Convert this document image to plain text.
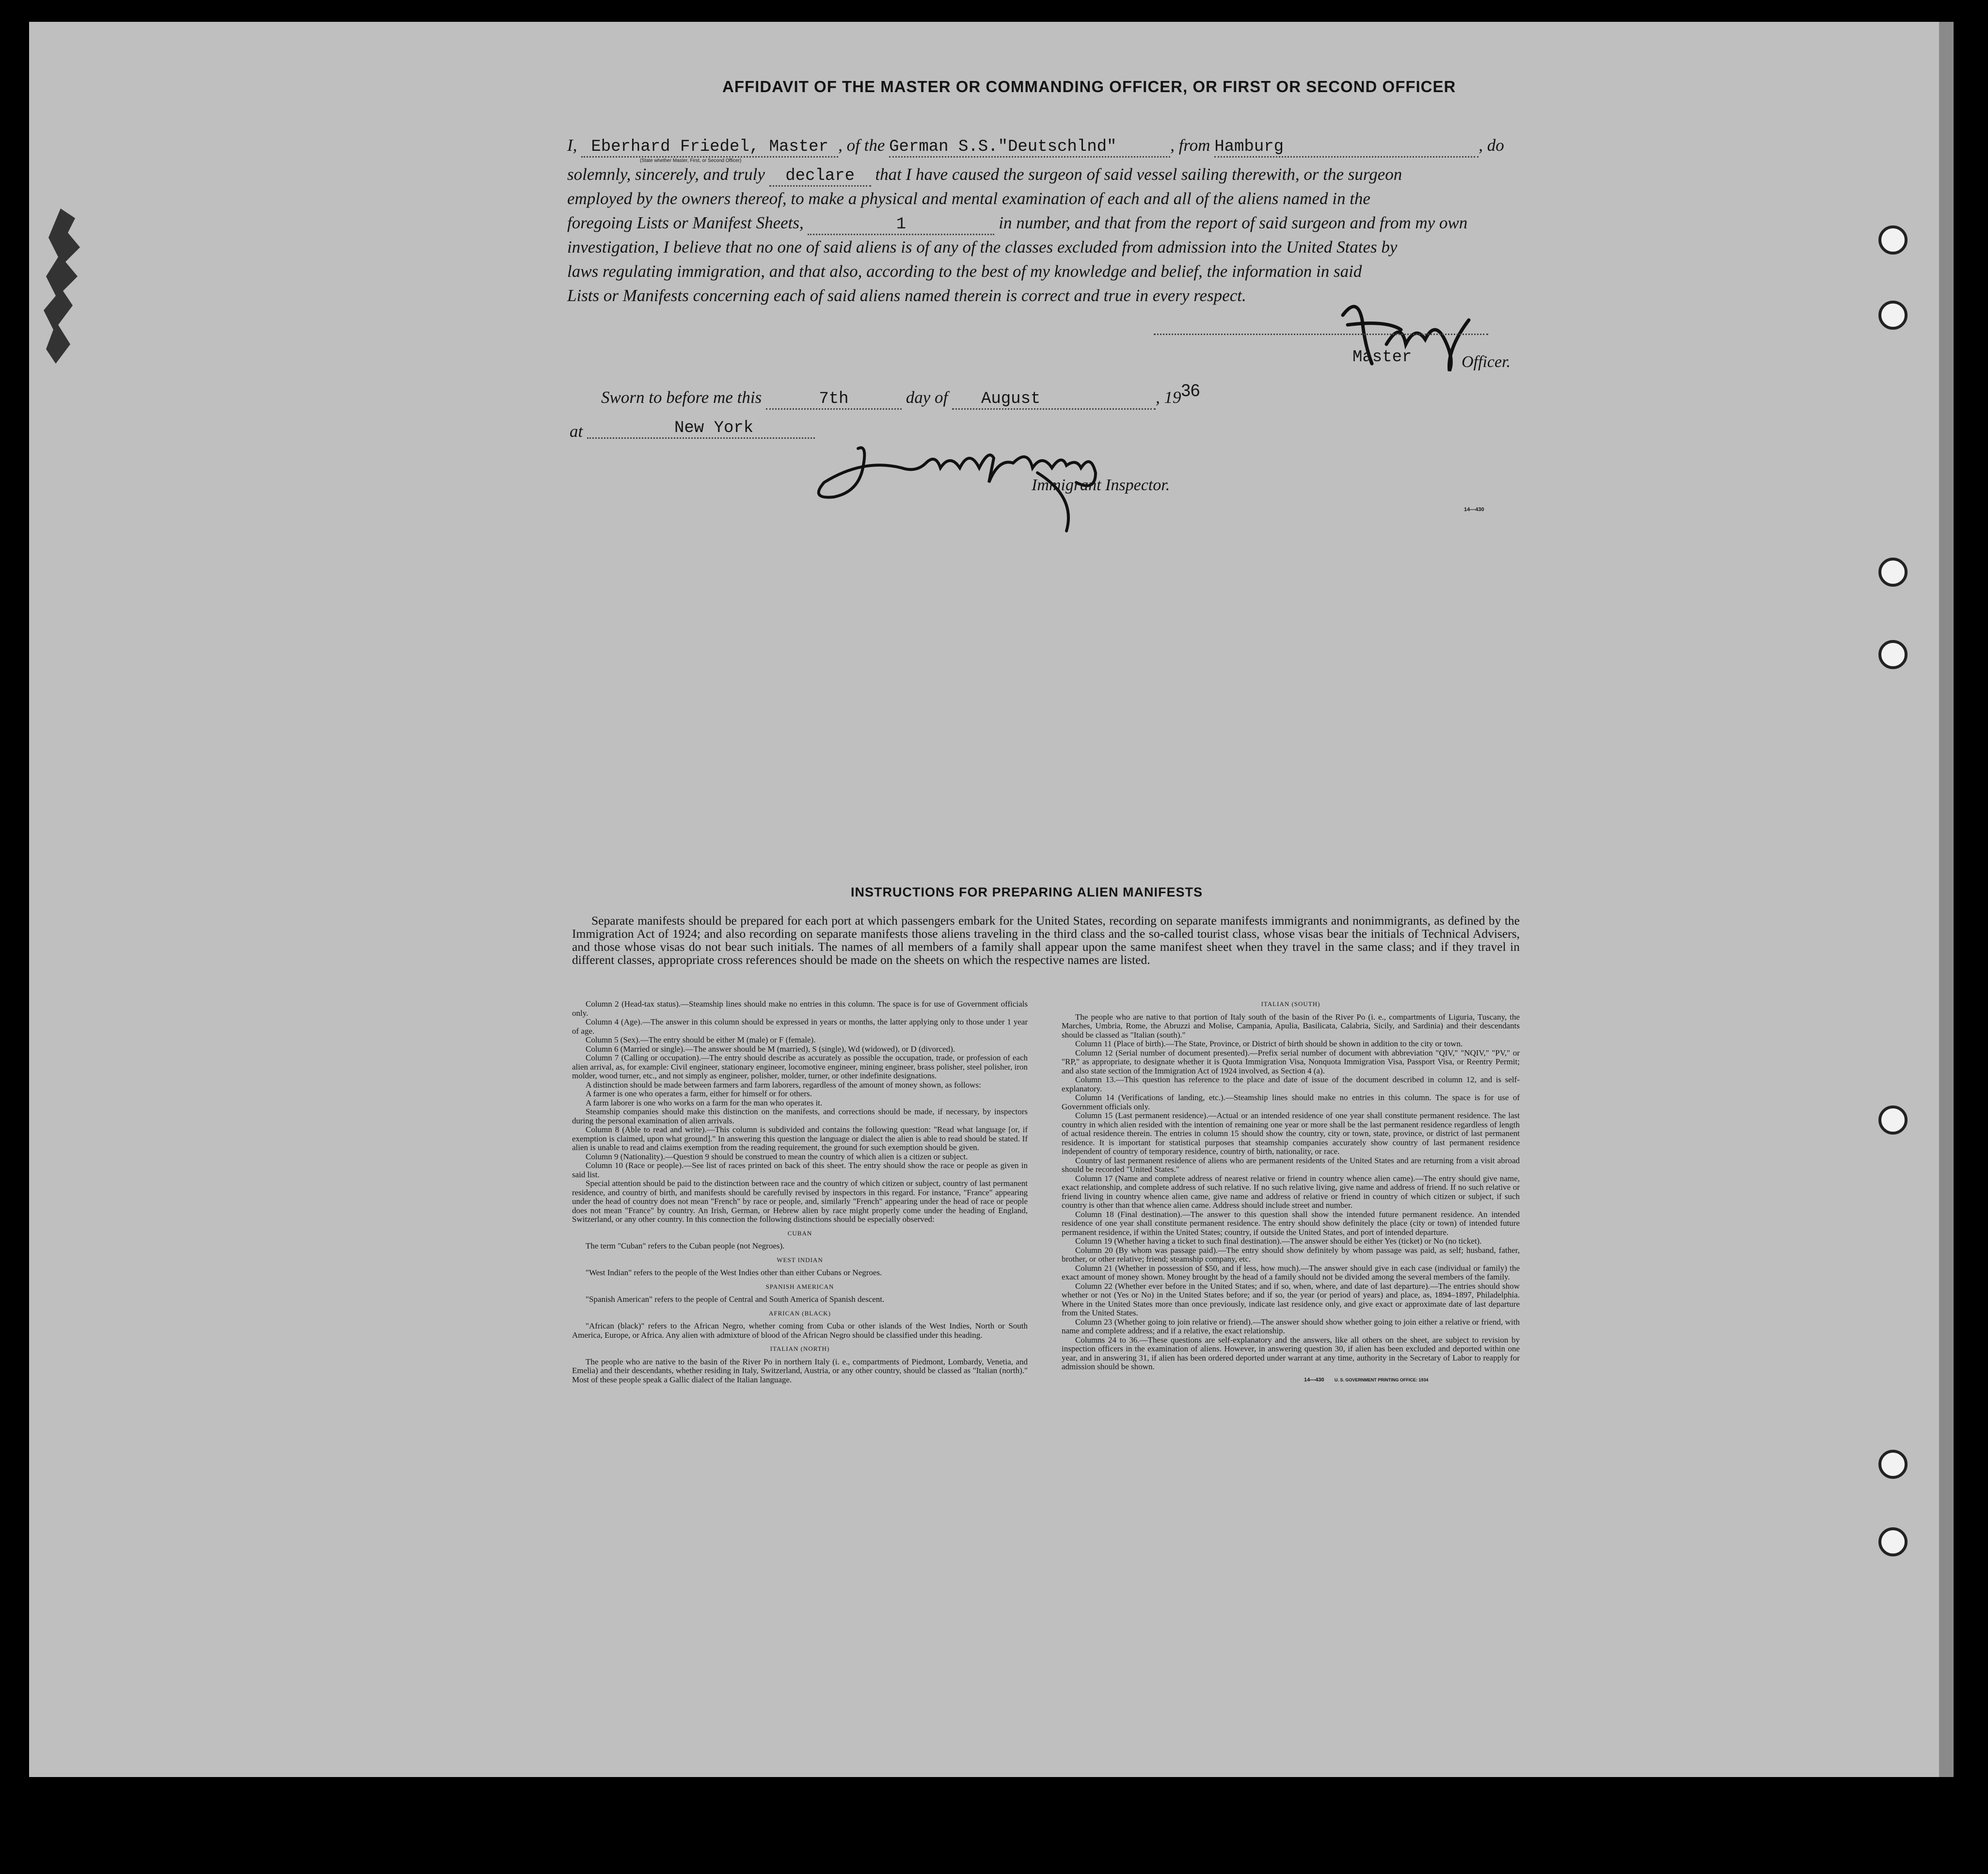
AFFIDAVIT OF THE MASTER OR COMMANDING OFFICER, OR FIRST OR SECOND OFFICER
I, Eberhard Friedel, Master , of the German S.S."Deutschlnd"	, from Hamburg	, do
(State whether Master, First, or Second Officer)
solemnly, sincerely, and truly declare that I have caused the surgeon of said vessel sailing therewith, or the surgeon
employed by the owners thereof, to make a physical and mental examination of each and all of the aliens named in the
foregoing Lists or Manifest Sheets,	1	in number, and that from the report of said surgeon and from my own
investigation, I believe that no one of said aliens is of any of the classes excluded from admission into the United States by
laws regulating immigration, and that also, according to the best of my knowledge and belief, the information in said
Lists or Manifests concerning each of said aliens named therein is correct and true in every respect.
Master	Officer.
Sworn to before me this	7th	day of August	, 1936
at	New York
Immigrant Inspector.
14—430
INSTRUCTIONS FOR PREPARING ALIEN MANIFESTS
Separate manifests should be prepared for each port at which passengers embark for the United States, recording on separate manifests immigrants and nonimmigrants, as defined by the Immigration Act of 1924; and also recording on separate manifests those aliens traveling in the third class and the so-called tourist class, whose visas bear the initials of Technical Advisers, and those whose visas do not bear such initials. The names of all members of a family shall appear upon the same manifest sheet when they travel in the same class; and if they travel in different classes, appropriate cross references should be made on the sheets on which the respective names are listed.

Column 2 (Head-tax status).—Steamship lines should make no entries in this column. The space is for use of Government officials only.

Column 4 (Age).—The answer in this column should be expressed in years or months, the latter applying only to those under 1 year of age.

Column 5 (Sex).—The entry should be either M (male) or F (female).

Column 6 (Married or single).—The answer should be M (married), S (single), Wd (widowed), or D (divorced).

Column 7 (Calling or occupation).—The entry should describe as accurately as possible the occupation, trade, or profession of each alien arrival, as, for example: Civil engineer, stationary engineer, locomotive engineer, mining engineer, brass polisher, steel polisher, iron molder, wood turner, etc., and not simply as engineer, polisher, molder, turner, or other indefinite designations.

A distinction should be made between farmers and farm laborers, regardless of the amount of money shown, as follows:

A farmer is one who operates a farm, either for himself or for others.

A farm laborer is one who works on a farm for the man who operates it.

Steamship companies should make this distinction on the manifests, and corrections should be made, if necessary, by inspectors during the personal examination of alien arrivals.

Column 8 (Able to read and write).—This column is subdivided and contains the following question: "Read what language [or, if exemption is claimed, upon what ground]." In answering this question the language or dialect the alien is able to read should be stated. If alien is unable to read and claims exemption from the reading requirement, the ground for such exemption should be given.

Column 9 (Nationality).—Question 9 should be construed to mean the country of which alien is a citizen or subject.

Column 10 (Race or people).—See list of races printed on back of this sheet. The entry should show the race or people as given in said list.

Special attention should be paid to the distinction between race and the country of which citizen or subject, country of last permanent residence, and country of birth, and manifests should be carefully revised by inspectors in this regard. For instance, "France" appearing under the head of country does not mean "French" by race or people, and, similarly "French" appearing under the head of race or people does not mean "France" by country. An Irish, German, or Hebrew alien by race might properly come under the heading of England, Switzerland, or any other country. In this connection the following distinctions should be especially observed:

CUBAN

The term "Cuban" refers to the Cuban people (not Negroes).

WEST INDIAN

"West Indian" refers to the people of the West Indies other than either Cubans or Negroes.

SPANISH AMERICAN

"Spanish American" refers to the people of Central and South America of Spanish descent.

AFRICAN (BLACK)

"African (black)" refers to the African Negro, whether coming from Cuba or other islands of the West Indies, North or South America, Europe, or Africa. Any alien with admixture of blood of the African Negro should be classified under this heading.

ITALIAN (NORTH)

The people who are native to the basin of the River Po in northern Italy (i. e., compartments of Piedmont, Lombardy, Venetia, and Emelia) and their descendants, whether residing in Italy, Switzerland, Austria, or any other country, should be classed as "Italian (north)." Most of these people speak a Gallic dialect of the Italian language.

ITALIAN (SOUTH)

The people who are native to that portion of Italy south of the basin of the River Po (i. e., compartments of Liguria, Tuscany, the Marches, Umbria, Rome, the Abruzzi and Molise, Campania, Apulia, Basilicata, Calabria, Sicily, and Sardinia) and their descendants should be classed as "Italian (south)."

Column 11 (Place of birth).—The State, Province, or District of birth should be shown in addition to the city or town.

Column 12 (Serial number of document presented).—Prefix serial number of document with abbreviation "QIV," "NQIV," "PV," or "RP," as appropriate, to designate whether it is Quota Immigration Visa, Nonquota Immigration Visa, Passport Visa, or Reentry Permit; and also state section of the Immigration Act of 1924 involved, as Section 4 (a).

Column 13.—This question has reference to the place and date of issue of the document described in column 12, and is self-explanatory.

Column 14 (Verifications of landing, etc.).—Steamship lines should make no entries in this column. The space is for use of Government officials only.

Column 15 (Last permanent residence).—Actual or an intended residence of one year shall constitute permanent residence. The last country in which alien resided with the intention of remaining one year or more shall be the last permanent residence regardless of length of actual residence therein. The entries in column 15 should show the country, city or town, state, province, or district of last permanent residence. It is important for statistical purposes that steamship companies accurately show country of last permanent residence independent of country of temporary residence, country of birth, nationality, or race.

Country of last permanent residence of aliens who are permanent residents of the United States and are returning from a visit abroad should be recorded "United States."

Column 17 (Name and complete address of nearest relative or friend in country whence alien came).—The entry should give name, exact relationship, and complete address of such relative. If no such relative living, give name and address of friend. If no such relative or friend living in country whence alien came, give name and address of relative or friend in country of which citizen or subject, if such country is other than that whence alien came. Address should include street and number.

Column 18 (Final destination).—The answer to this question shall show the intended future permanent residence. An intended residence of one year shall constitute permanent residence. The entry should show definitely the place (city or town) of intended future permanent residence, if within the United States; country, if outside the United States, and port of intended departure.

Column 19 (Whether having a ticket to such final destination).—The answer should be either Yes (ticket) or No (no ticket).

Column 20 (By whom was passage paid).—The entry should show definitely by whom passage was paid, as self; husband, father, brother, or other relative; friend; steamship company, etc.

Column 21 (Whether in possession of $50, and if less, how much).—The answer should give in each case (individual or family) the exact amount of money shown. Money brought by the head of a family should not be divided among the several members of the family.

Column 22 (Whether ever before in the United States; and if so, when, where, and date of last departure).—The entries should show whether or not (Yes or No) in the United States before; and if so, the year (or period of years) and place, as, 1894–1897, Philadelphia. Where in the United States more than once previously, indicate last residence only, and give exact or approximate date of last departure from the United States.

Column 23 (Whether going to join relative or friend).—The answer should show whether going to join either a relative or friend, with name and complete address; and if a relative, the exact relationship.

Columns 24 to 36.—These questions are self-explanatory and the answers, like all others on the sheet, are subject to revision by inspection officers in the examination of aliens. However, in answering question 30, if alien has been excluded and deported within one year, and in answering 31, if alien has been ordered deported under warrant at any time, authority in the Secretary of Labor to reapply for admission should be shown.

14—430 U. S. GOVERNMENT PRINTING OFFICE: 1934
